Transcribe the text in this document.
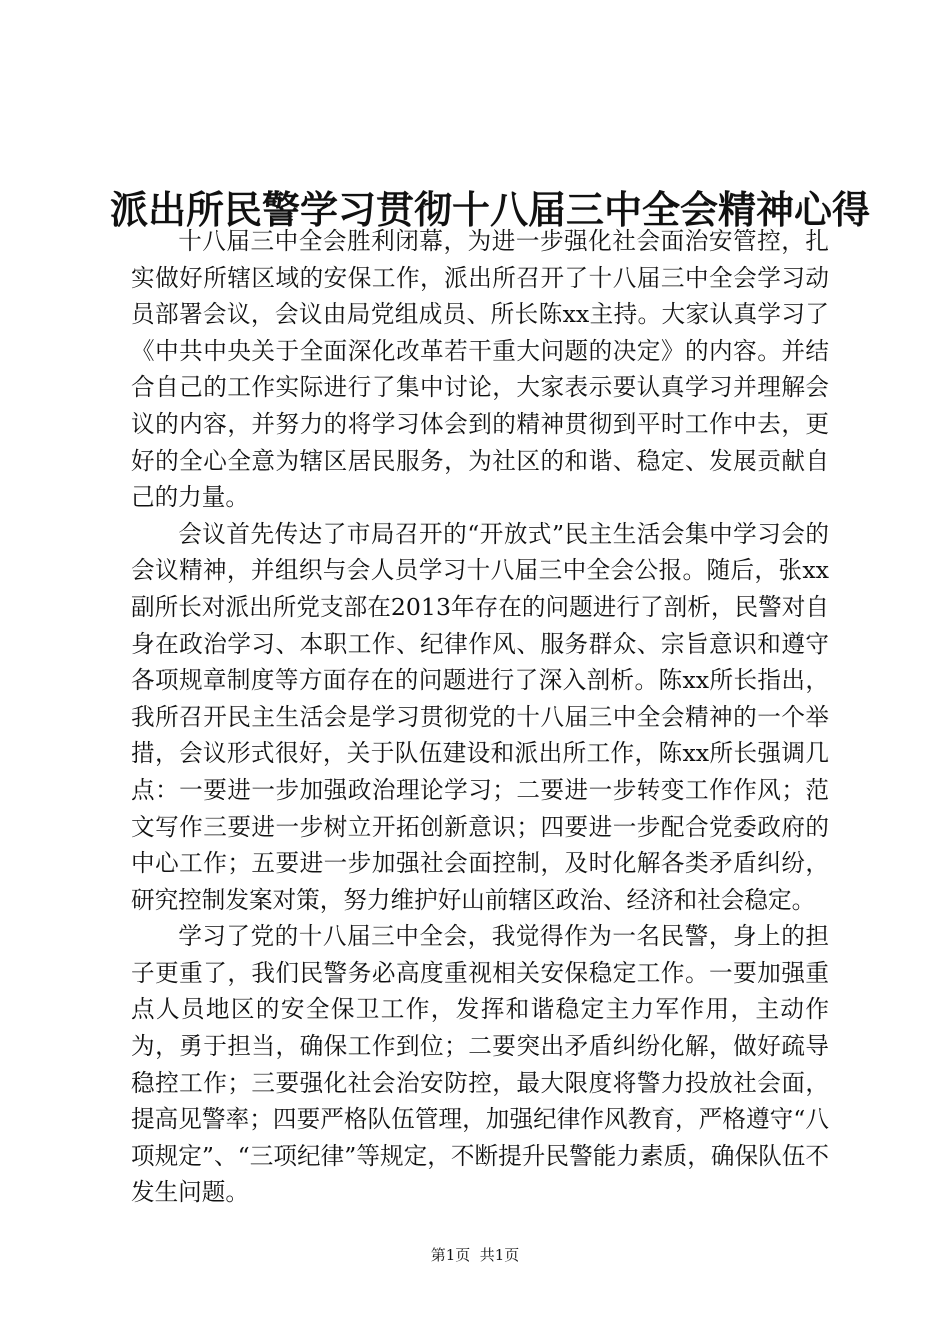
派出所民警学习贯彻十八届三中全会精神心得

十八届三中全会胜利闭幕，为进一步强化社会面治安管控，扎实做好所辖区域的安保工作，派出所召开了十八届三中全会学习动员部署会议，会议由局党组成员、所长陈xx主持。大家认真学习了《中共中央关于全面深化改革若干重大问题的决定》的内容。并结合自己的工作实际进行了集中讨论，大家表示要认真学习并理解会议的内容，并努力的将学习体会到的精神贯彻到平时工作中去，更好的全心全意为辖区居民服务，为社区的和谐、稳定、发展贡献自己的力量。

会议首先传达了市局召开的“开放式”民主生活会集中学习会的会议精神，并组织与会人员学习十八届三中全会公报。随后，张xx副所长对派出所党支部在2013年存在的问题进行了剖析，民警对自身在政治学习、本职工作、纪律作风、服务群众、宗旨意识和遵守各项规章制度等方面存在的问题进行了深入剖析。陈xx所长指出，我所召开民主生活会是学习贯彻党的十八届三中全会精神的一个举措，会议形式很好，关于队伍建设和派出所工作，陈xx所长强调几点：一要进一步加强政治理论学习；二要进一步转变工作作风；范文写作三要进一步树立开拓创新意识；四要进一步配合党委政府的中心工作；五要进一步加强社会面控制，及时化解各类矛盾纠纷，研究控制发案对策，努力维护好山前辖区政治、经济和社会稳定。

学习了党的十八届三中全会，我觉得作为一名民警，身上的担子更重了，我们民警务必高度重视相关安保稳定工作。一要加强重点人员地区的安全保卫工作，发挥和谐稳定主力军作用，主动作为，勇于担当，确保工作到位；二要突出矛盾纠纷化解，做好疏导稳控工作；三要强化社会治安防控，最大限度将警力投放社会面，提高见警率；四要严格队伍管理，加强纪律作风教育，严格遵守“八项规定”、“三项纪律”等规定，不断提升民警能力素质，确保队伍不发生问题。

第1页  共1页
